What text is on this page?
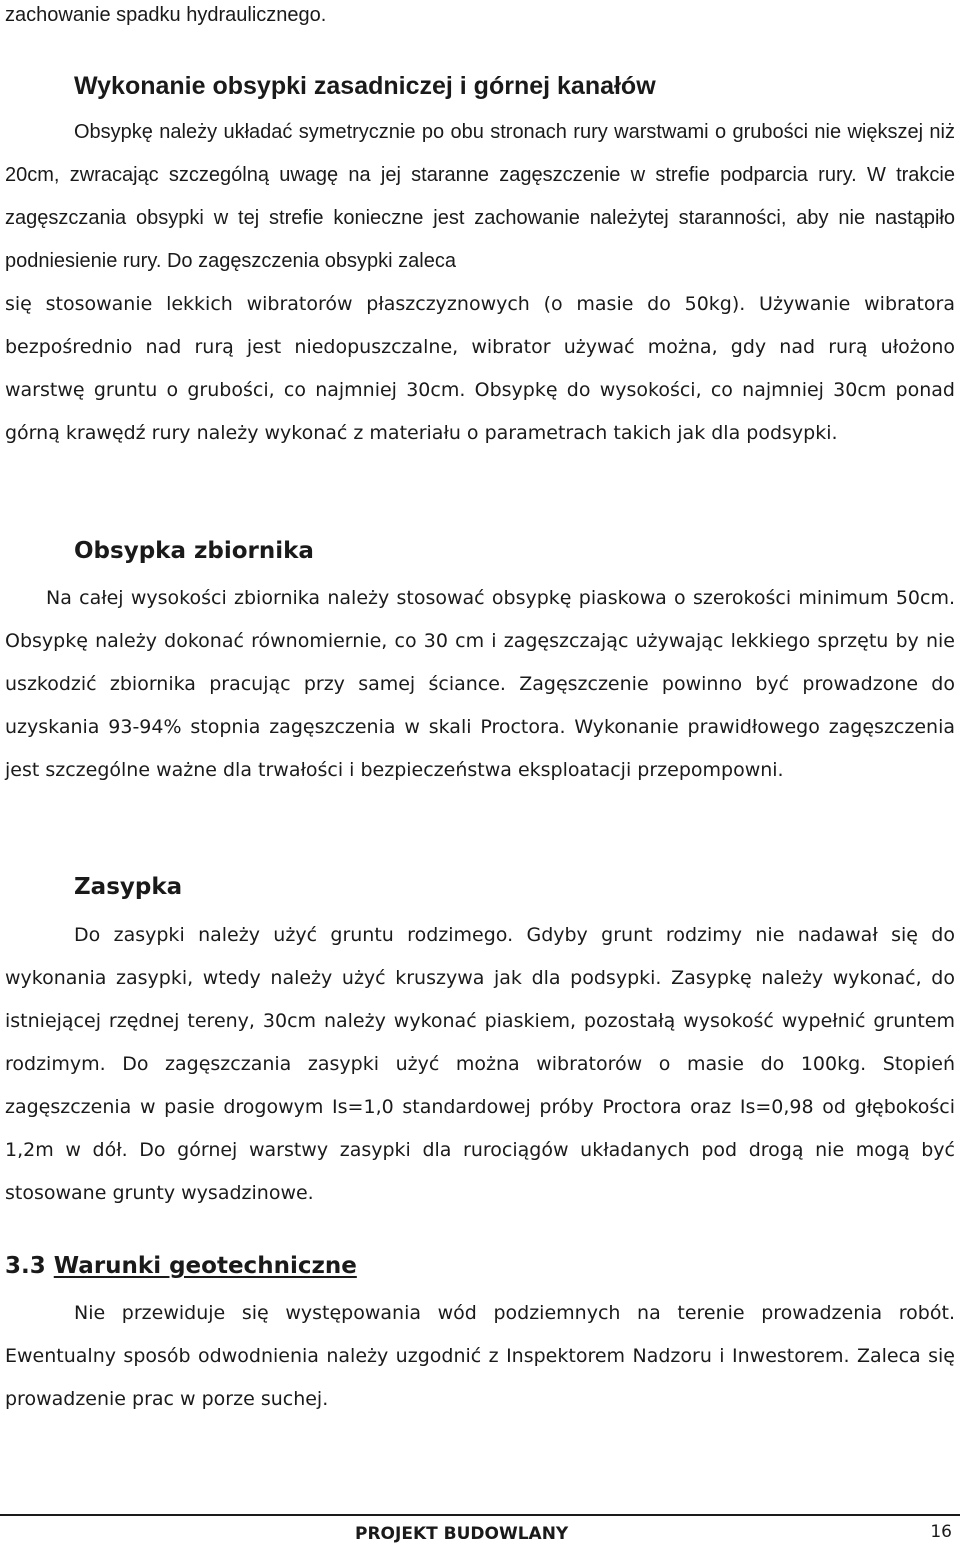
zachowanie spadku hydraulicznego.

Wykonanie obsypki zasadniczej i górnej kanałów

Obsypkę należy układać symetrycznie po obu stronach rury warstwami o grubości nie większej niż 20cm, zwracając szczególną uwagę na jej staranne zagęszczenie w strefie podparcia rury. W trakcie zagęszczania obsypki w tej strefie konieczne jest zachowanie należytej staranności, aby nie nastąpiło podniesienie rury. Do zagęszczenia obsypki zaleca

się stosowanie lekkich wibratorów płaszczyznowych (o masie do 50kg). Używanie wibratora bezpośrednio nad rurą jest niedopuszczalne, wibrator używać można, gdy nad rurą ułożono warstwę gruntu o grubości, co najmniej 30cm. Obsypkę do wysokości, co najmniej 30cm ponad górną krawędź rury należy wykonać z materiału o parametrach takich jak dla podsypki.

Obsypka zbiornika

Na całej wysokości zbiornika należy stosować obsypkę piaskowa o szerokości minimum 50cm. Obsypkę należy dokonać równomiernie, co 30 cm i zagęszczając używając lekkiego sprzętu by nie uszkodzić zbiornika pracując przy samej ściance. Zagęszczenie powinno być prowadzone do uzyskania 93-94% stopnia zagęszczenia w skali Proctora. Wykonanie prawidłowego zagęszczenia jest szczególne ważne dla trwałości i bezpieczeństwa eksploatacji przepompowni.

Zasypka

Do zasypki należy użyć gruntu rodzimego. Gdyby grunt rodzimy nie nadawał się do wykonania zasypki, wtedy należy użyć kruszywa jak dla podsypki. Zasypkę należy wykonać, do istniejącej rzędnej tereny, 30cm należy wykonać piaskiem, pozostałą wysokość wypełnić gruntem rodzimym. Do zagęszczania zasypki użyć można wibratorów o masie do 100kg. Stopień zagęszczenia w pasie drogowym Is=1,0 standardowej próby Proctora oraz Is=0,98 od głębokości 1,2m w dół. Do górnej warstwy zasypki dla rurociągów układanych pod drogą nie mogą być stosowane grunty wysadzinowe.

3.3 Warunki geotechniczne

Nie przewiduje się występowania wód podziemnych na terenie prowadzenia robót. Ewentualny sposób odwodnienia należy uzgodnić z Inspektorem Nadzoru i Inwestorem. Zaleca się prowadzenie prac w porze suchej.

PROJEKT BUDOWLANY	16
